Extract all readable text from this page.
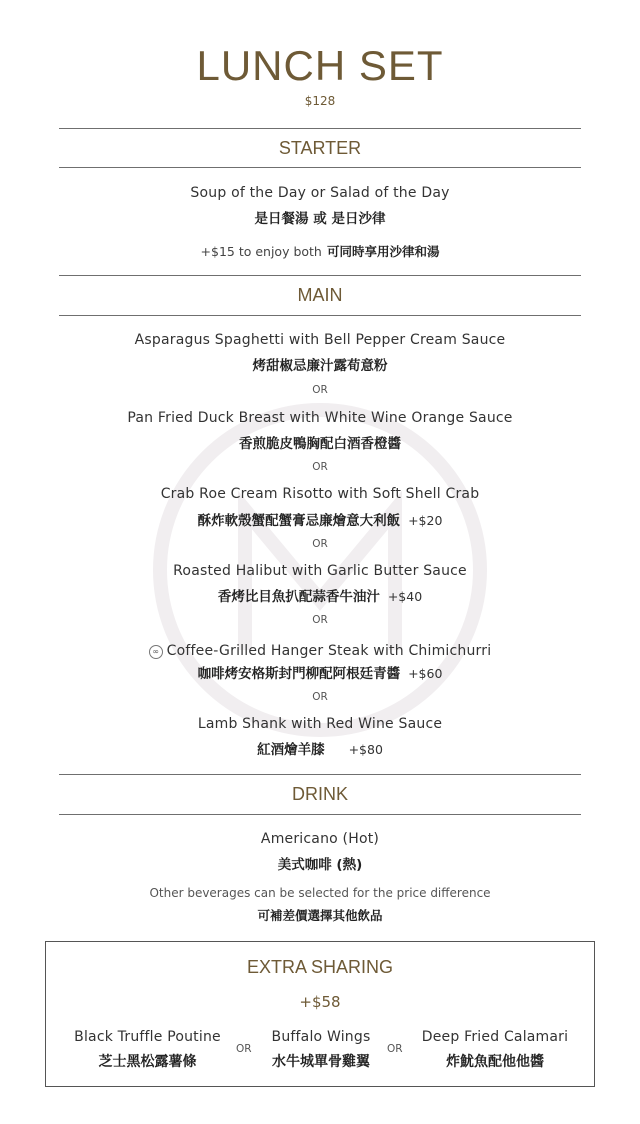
LUNCH SET
$128
STARTER
Soup of the Day or Salad of the Day
是日餐湯 或 是日沙律
+$15 to enjoy both 可同時享用沙律和湯
MAIN
Asparagus Spaghetti with Bell Pepper Cream Sauce
烤甜椒忌廉汁露荀意粉
OR
Pan Fried Duck Breast with White Wine Orange Sauce
香煎脆皮鴨胸配白酒香橙醬
OR
Crab Roe Cream Risotto with Soft Shell Crab
酥炸軟殼蟹配蟹膏忌廉燴意大利飯 +$20
OR
Roasted Halibut with Garlic Butter Sauce
香烤比目魚扒配蒜香牛油汁 +$40
OR
∞ Coffee-Grilled Hanger Steak with Chimichurri
咖啡烤安格斯封門柳配阿根廷青醬 +$60
OR
Lamb Shank with Red Wine Sauce
紅酒燴羊膝 +$80
DRINK
Americano (Hot)
美式咖啡 (熱)
Other beverages can be selected for the price difference
可補差價選擇其他飲品
EXTRA SHARING
+$58
Black Truffle Poutine
芝士黑松露薯條
OR
Buffalo Wings
水牛城單骨雞翼
OR
Deep Fried Calamari
炸魷魚配他他醬
